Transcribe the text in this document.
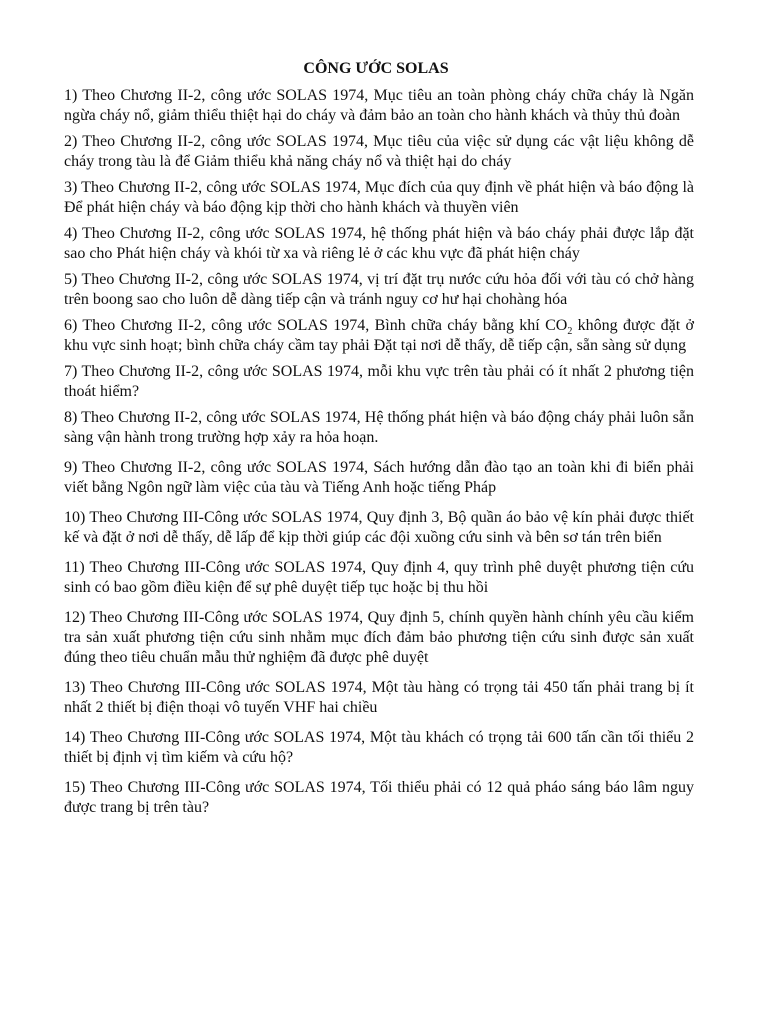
CÔNG ƯỚC SOLAS

1) Theo Chương II-2, công ước SOLAS 1974, Mục tiêu an toàn phòng cháy chữa cháy là Ngăn ngừa cháy nổ, giảm thiểu thiệt hại do cháy và đảm bảo an toàn cho hành khách và thủy thủ đoàn

2) Theo Chương II-2, công ước SOLAS 1974, Mục tiêu của việc sử dụng các vật liệu không dễ cháy trong tàu là để Giảm thiểu khả năng cháy nổ và thiệt hại do cháy

3) Theo Chương II-2, công ước SOLAS 1974, Mục đích của quy định về phát hiện và báo động là Để phát hiện cháy và báo động kịp thời cho hành khách và thuyền viên

4) Theo Chương II-2, công ước SOLAS 1974, hệ thống phát hiện và báo cháy phải được lắp đặt sao cho Phát hiện cháy và khói từ xa và riêng lẻ ở các khu vực đã phát hiện cháy

5) Theo Chương II-2, công ước SOLAS 1974, vị trí đặt trụ nước cứu hỏa đối với tàu có chở hàng trên boong sao cho luôn dễ dàng tiếp cận và tránh nguy cơ hư hại chohàng hóa

6) Theo Chương II-2, công ước SOLAS 1974, Bình chữa cháy bằng khí $CO_2$ không được đặt ở khu vực sinh hoạt; bình chữa cháy cầm tay phải Đặt tại nơi dễ thấy, dễ tiếp cận, sẵn sàng sử dụng

7) Theo Chương II-2, công ước SOLAS 1974, mỗi khu vực trên tàu phải có ít nhất 2 phương tiện thoát hiểm?

8) Theo Chương II-2, công ước SOLAS 1974, Hệ thống phát hiện và báo động cháy phải luôn sẵn sàng vận hành trong trường hợp xảy ra hỏa hoạn.

9) Theo Chương II-2, công ước SOLAS 1974, Sách hướng dẫn đào tạo an toàn khi đi biển phải viết bằng Ngôn ngữ làm việc của tàu và Tiếng Anh hoặc tiếng Pháp

10) Theo Chương III-Công ước SOLAS 1974, Quy định 3, Bộ quần áo bảo vệ kín phải được thiết kế và đặt ở nơi dễ thấy, dễ lấp để kịp thời giúp các đội xuồng cứu sinh và bên sơ tán trên biển

11) Theo Chương III-Công ước SOLAS 1974, Quy định 4, quy trình phê duyệt phương tiện cứu sinh có bao gồm điều kiện để sự phê duyệt tiếp tục hoặc bị thu hồi

12) Theo Chương III-Công ước SOLAS 1974, Quy định 5, chính quyền hành chính yêu cầu kiểm tra sản xuất phương tiện cứu sinh nhằm mục đích đảm bảo phương tiện cứu sinh được sản xuất đúng theo tiêu chuẩn mẫu thử nghiệm đã được phê duyệt

13) Theo Chương III-Công ước SOLAS 1974, Một tàu hàng có trọng tải 450 tấn phải trang bị ít nhất 2 thiết bị điện thoại vô tuyến VHF hai chiều

14) Theo Chương III-Công ước SOLAS 1974, Một tàu khách có trọng tải 600 tấn cần tối thiểu 2 thiết bị định vị tìm kiếm và cứu hộ?

15) Theo Chương III-Công ước SOLAS 1974, Tối thiểu phải có 12 quả pháo sáng báo lâm nguy được trang bị trên tàu?
